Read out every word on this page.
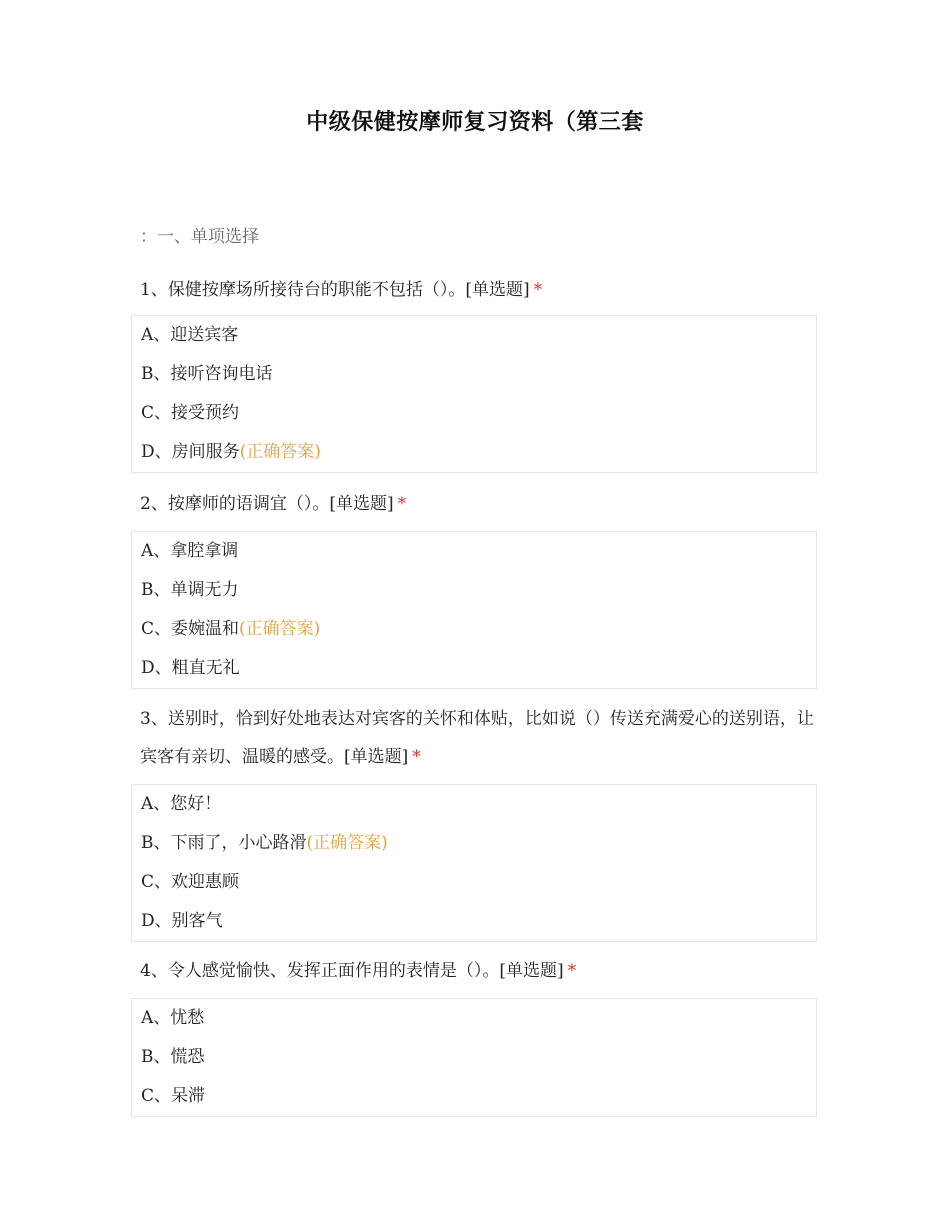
中级保健按摩师复习资料（第三套
：一、单项选择
1、保健按摩场所接待台的职能不包括（）。[单选题] *
A、迎送宾客
B、接听咨询电话
C、接受预约
D、房间服务(正确答案)
2、按摩师的语调宜（）。[单选题] *
A、拿腔拿调
B、单调无力
C、委婉温和(正确答案)
D、粗直无礼
3、送别时，恰到好处地表达对宾客的关怀和体贴，比如说（）传送充满爱心的送别语，让宾客有亲切、温暖的感受。[单选题] *
A、您好！
B、下雨了，小心路滑(正确答案)
C、欢迎惠顾
D、别客气
4、令人感觉愉快、发挥正面作用的表情是（）。[单选题] *
A、忧愁
B、慌恐
C、呆滞
